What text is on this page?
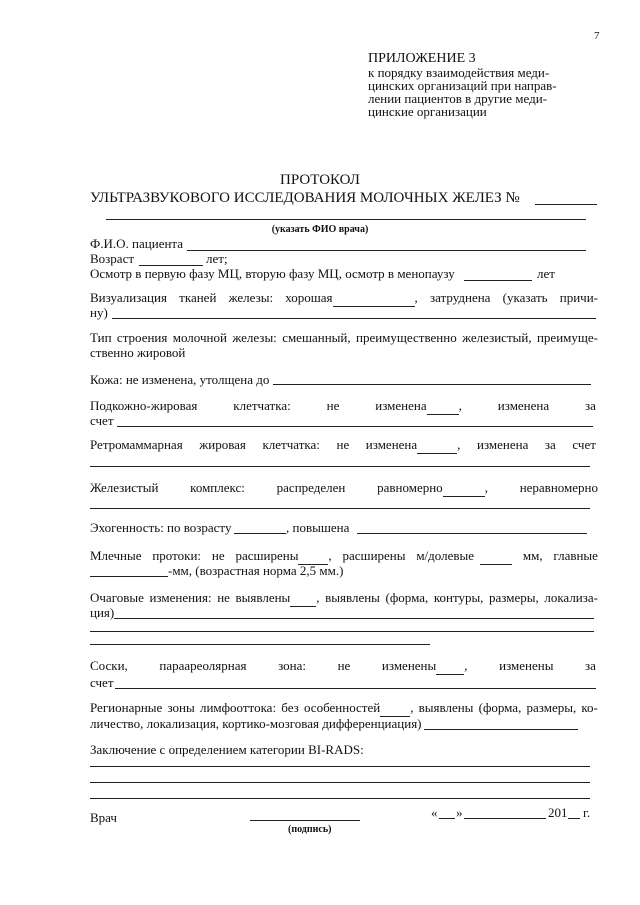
7
ПРИЛОЖЕНИЕ 3
к порядку взаимодействия меди-
цинских организаций при направ-
лении пациентов в другие меди-
цинские организации
ПРОТОКОЛ
УЛЬТРАЗВУКОВОГО ИССЛЕДОВАНИЯ МОЛОЧНЫХ ЖЕЛЕЗ №
(указать ФИО врача)
Ф.И.О. пациента
Возраст	лет;
Осмотр в первую фазу МЦ, вторую фазу МЦ, осмотр в менопаузу	лет
Визуализация тканей железы: хорошая	, затруднена (указать причи-
ну)
Тип строения молочной железы: смешанный, преимущественно железистый, преимуще-
ственно жировой
Кожа: не изменена, утолщена до
Подкожно-жировая	клетчатка:	не	изменена ,	изменена	за
счет
Ретромаммарная жировая клетчатка: не изменена	, изменена за счет
Железистый комплекс: распределен равномерно	, неравномерно
Эхогенность: по возрасту	, повышена
Млечные протоки: не расширены , расширены м/долевые	мм, главные
-мм, (возрастная норма 2,5 мм.)
Очаговые изменения: не выявлены , выявлены (форма, контуры, размеры, локализа-
ция)
Соски, параареолярная зона: не изменены , изменены за
счет
Регионарные зоны лимфооттока: без особенностей , выявлены (форма, размеры, ко-
личество, локализация, кортико-мозговая дифференциация)
Заключение с определением категории BI-RADS:
Врач
(подпись)
« »	201 г.
